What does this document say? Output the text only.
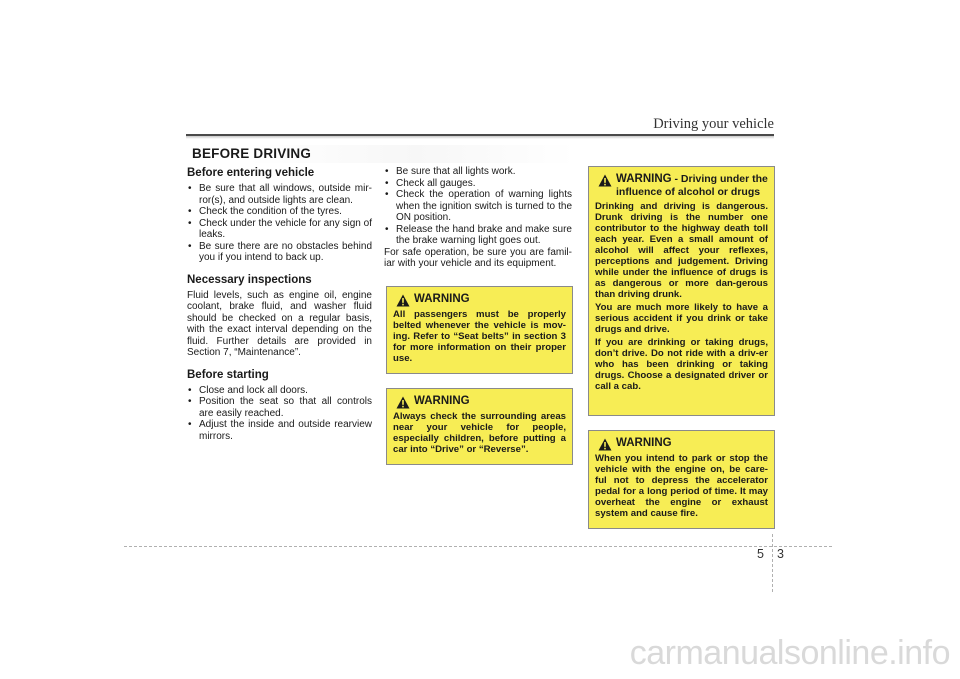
Driving your vehicle
BEFORE DRIVING
Before entering vehicle
• Be sure that all windows, outside mir-ror(s), and outside lights are clean.
• Check the condition of the tyres.
• Check under the vehicle for any sign of leaks.
• Be sure there are no obstacles behind you if you intend to back up.
Necessary inspections

Fluid levels, such as engine oil, engine coolant, brake fluid, and washer fluid should be checked on a regular basis, with the exact interval depending on the fluid. Further details are provided in Section 7, “Maintenance”.

Before starting
• Close and lock all doors.
• Position the seat so that all controls are easily reached.
• Adjust the inside and outside rearview mirrors.
• Be sure that all lights work.
• Check all gauges.
• Check the operation of warning lights when the ignition switch is turned to the ON position.
• Release the hand brake and make sure the brake warning light goes out.

For safe operation, be sure you are famil-iar with your vehicle and its equipment.

WARNING

All passengers must be properly belted whenever the vehicle is mov-ing. Refer to “Seat belts” in section 3 for more information on their proper use.

WARNING

Always check the surrounding areas near your vehicle for people, especially children, before putting a car into “Drive” or “Reverse”.

WARNING - Driving under the influence of alcohol or drugs

Drinking and driving is dangerous. Drunk driving is the number one contributor to the highway death toll each year. Even a small amount of alcohol will affect your reflexes, perceptions and judgement. Driving while under the influence of drugs is as dangerous or more dan-gerous than driving drunk.

You are much more likely to have a serious accident if you drink or take drugs and drive.

If you are drinking or taking drugs, don’t drive. Do not ride with a driv-er who has been drinking or taking drugs. Choose a designated driver or call a cab.

WARNING

When you intend to park or stop the vehicle with the engine on, be care-ful not to depress the accelerator pedal for a long period of time. It may overheat the engine or exhaust system and cause fire.

5 3
carmanualsonline.info
